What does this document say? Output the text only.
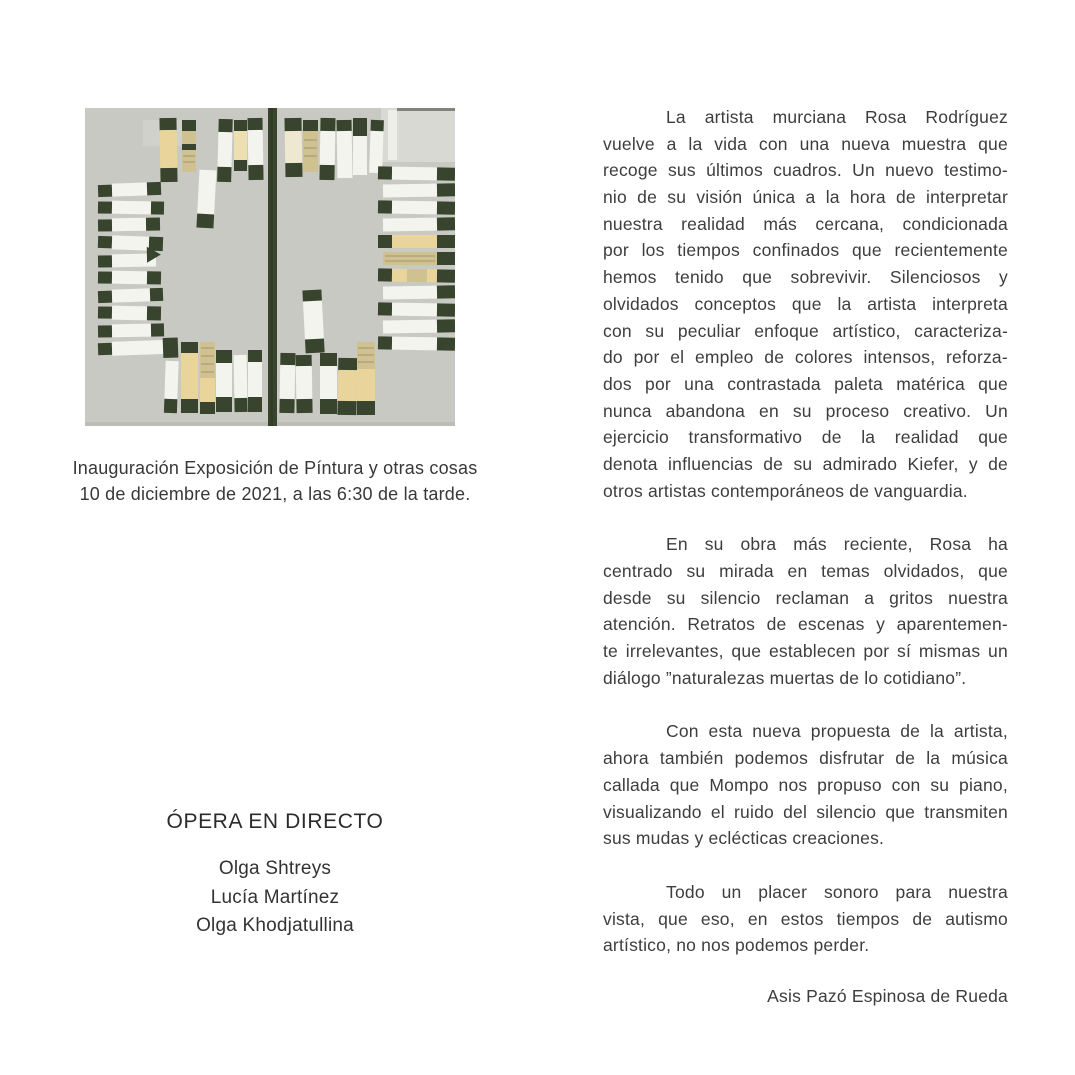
Inauguración Exposición de Píntura y otras cosas
10 de diciembre de 2021, a las 6:30 de la tarde.
ÓPERA EN DIRECTO
Olga Shtreys
Lucía Martínez
Olga Khodjatullina
La artista murciana Rosa Rodríguez
vuelve a la vida con una nueva muestra que
recoge sus últimos cuadros. Un nuevo testimo-
nio de su visión única a la hora de interpretar
nuestra realidad más cercana, condicionada
por los tiempos confinados que recientemente
hemos tenido que sobrevivir. Silenciosos y
olvidados conceptos que la artista interpreta
con su peculiar enfoque artístico, caracteriza-
do por el empleo de colores intensos, reforza-
dos por una contrastada paleta matérica que
nunca abandona en su proceso creativo. Un
ejercicio transformativo de la realidad que
denota influencias de su admirado Kiefer, y de
otros artistas contemporáneos de vanguardia.
En su obra más reciente, Rosa ha
centrado su mirada en temas olvidados, que
desde su silencio reclaman a gritos nuestra
atención. Retratos de escenas y aparentemen-
te irrelevantes, que establecen por sí mismas un
diálogo ”naturalezas muertas de lo cotidiano”.
Con esta nueva propuesta de la artista,
ahora también podemos disfrutar de la música
callada que Mompo nos propuso con su piano,
visualizando el ruido del silencio que transmiten
sus mudas y eclécticas creaciones.
Todo un placer sonoro para nuestra
vista, que eso, en estos tiempos de autismo
artístico, no nos podemos perder.
Asis Pazó Espinosa de Rueda
